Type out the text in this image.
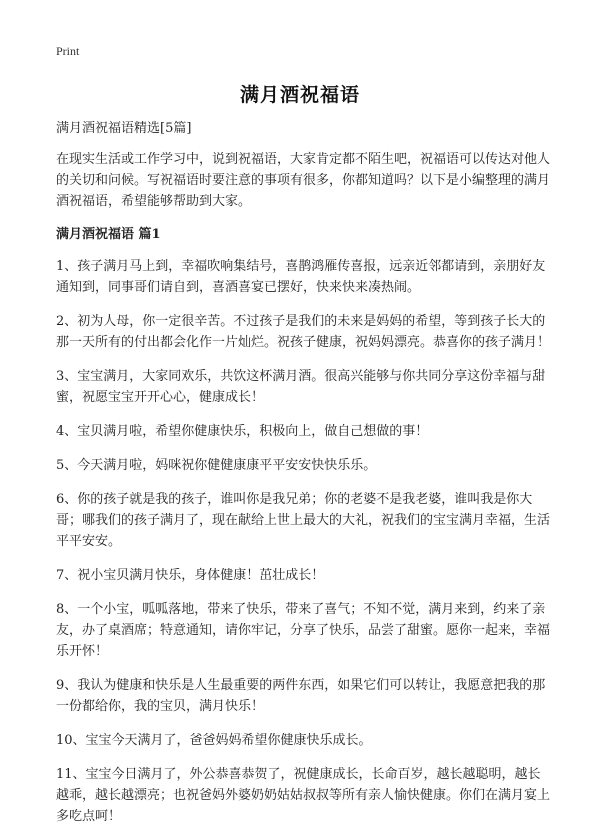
Print
满月酒祝福语

满月酒祝福语精选[5篇]

在现实生活或工作学习中，说到祝福语，大家肯定都不陌生吧，祝福语可以传达对他人的关切和问候。写祝福语时要注意的事项有很多，你都知道吗？以下是小编整理的满月酒祝福语，希望能够帮助到大家。

满月酒祝福语 篇1

1、孩子满月马上到，幸福吹响集结号，喜鹊鸿雁传喜报，远亲近邻都请到，亲朋好友通知到，同事哥们请自到，喜酒喜宴已摆好，快来快来凑热闹。

2、初为人母，你一定很辛苦。不过孩子是我们的未来是妈妈的希望，等到孩子长大的那一天所有的付出都会化作一片灿烂。祝孩子健康，祝妈妈漂亮。恭喜你的孩子满月！

3、宝宝满月，大家同欢乐，共饮这杯满月酒。很高兴能够与你共同分享这份幸福与甜蜜，祝愿宝宝开开心心，健康成长！

4、宝贝满月啦，希望你健康快乐，积极向上，做自己想做的事！

5、今天满月啦，妈咪祝你健健康康平平安安快快乐乐。

6、你的孩子就是我的孩子，谁叫你是我兄弟；你的老婆不是我老婆，谁叫我是你大哥；哪我们的孩子满月了，现在献给上世上最大的大礼，祝我们的宝宝满月幸福，生活平平安安。

7、祝小宝贝满月快乐，身体健康！茁壮成长！

8、一个小宝，呱呱落地，带来了快乐，带来了喜气；不知不觉，满月来到，约来了亲友，办了桌酒席；特意通知，请你牢记，分享了快乐，品尝了甜蜜。愿你一起来，幸福乐开怀！

9、我认为健康和快乐是人生最重要的两件东西，如果它们可以转让，我愿意把我的那一份都给你，我的宝贝，满月快乐！

10、宝宝今天满月了，爸爸妈妈希望你健康快乐成长。

11、宝宝今日满月了，外公恭喜恭贺了，祝健康成长，长命百岁，越长越聪明，越长越乖，越长越漂亮；也祝爸妈外婆奶奶姑姑叔叔等所有亲人愉快健康。你们在满月宴上多吃点呵！
